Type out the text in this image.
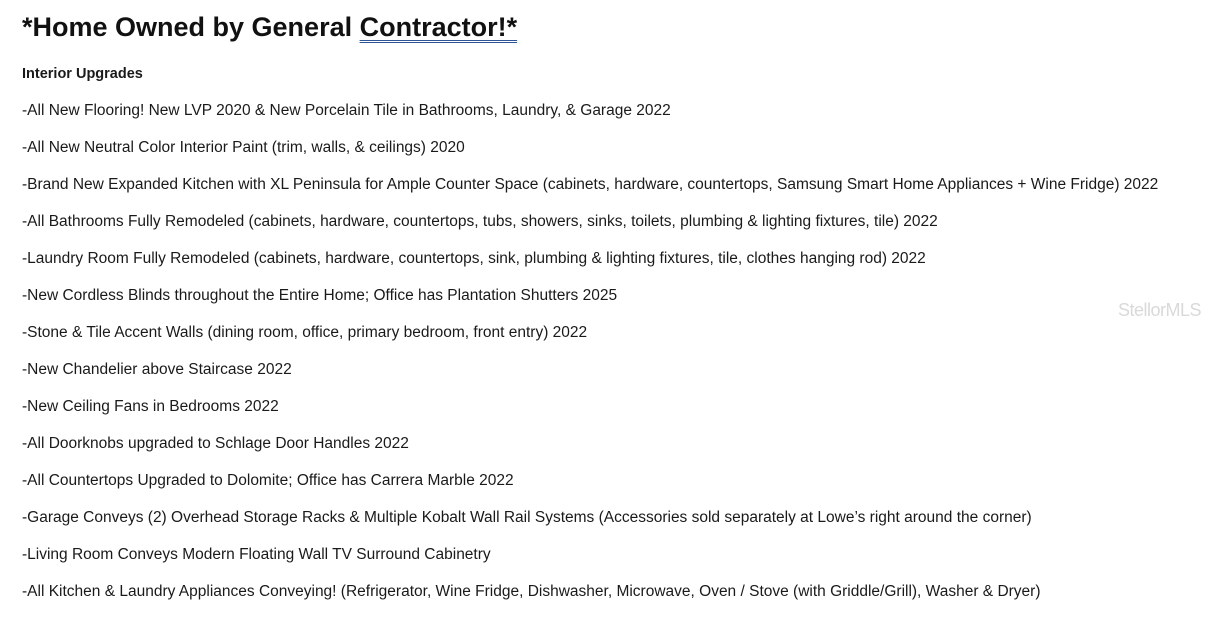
*Home Owned by General Contractor!*
Interior Upgrades
-All New Flooring! New LVP 2020 & New Porcelain Tile in Bathrooms, Laundry, & Garage 2022
-All New Neutral Color Interior Paint (trim, walls, & ceilings) 2020
-Brand New Expanded Kitchen with XL Peninsula for Ample Counter Space (cabinets, hardware, countertops, Samsung Smart Home Appliances + Wine Fridge) 2022
-All Bathrooms Fully Remodeled (cabinets, hardware, countertops, tubs, showers, sinks, toilets, plumbing & lighting fixtures, tile) 2022
-Laundry Room Fully Remodeled (cabinets, hardware, countertops, sink, plumbing & lighting fixtures, tile, clothes hanging rod) 2022
-New Cordless Blinds throughout the Entire Home; Office has Plantation Shutters 2025
-Stone & Tile Accent Walls (dining room, office, primary bedroom, front entry) 2022
-New Chandelier above Staircase 2022
-New Ceiling Fans in Bedrooms 2022
-All Doorknobs upgraded to Schlage Door Handles 2022
-All Countertops Upgraded to Dolomite; Office has Carrera Marble 2022
-Garage Conveys (2) Overhead Storage Racks & Multiple Kobalt Wall Rail Systems (Accessories sold separately at Lowe’s right around the corner)
-Living Room Conveys Modern Floating Wall TV Surround Cabinetry
-All Kitchen & Laundry Appliances Conveying! (Refrigerator, Wine Fridge, Dishwasher, Microwave, Oven / Stove (with Griddle/Grill), Washer & Dryer)
StellorMLS
